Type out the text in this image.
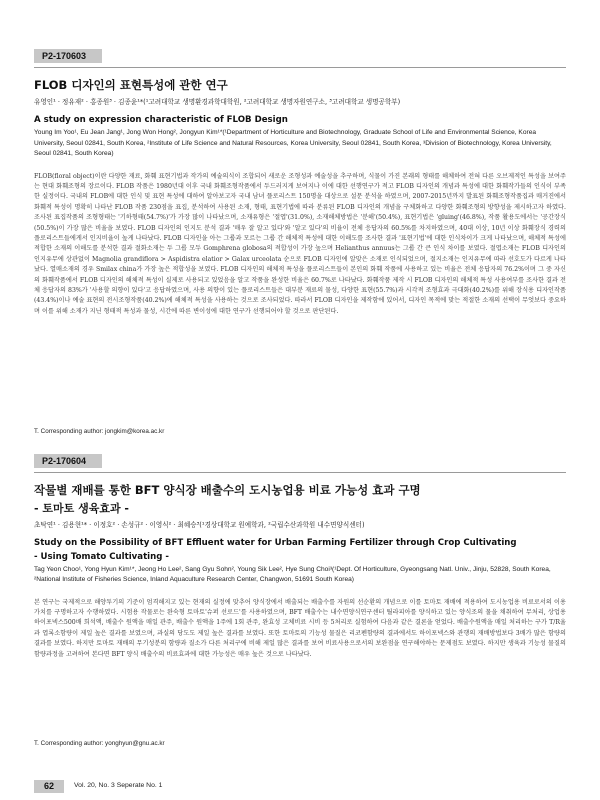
P2-170603
FLOB 디자인의 표현특성에 관한 연구
유영인¹ · 정유재² · 홍종원³ · 김종윤¹*(¹고려대학교 생명환경과학대학원, ²고려대학교 생명자원연구소, ³고려대학교 생명공학부)
A study on expression characteristic of FLOB Design
Young Im Yoo¹, Eu Jean Jang¹, Jong Won Hong², Jongyun Kim¹*(¹Department of Horticulture and Biotechnology, Graduate School of Life and Environmental Science, Korea University, Seoul 02841, South Korea, ²Institute of Life Science and Natural Resources, Korea University, Seoul 02841, South Korea, ³Division of Biotechnology, Korea University, Seoul 02841, South Korea)
FLOB(floral object)이란 다양한 재료, 화훼 표현기법과 작가의 예술의식이 조합되어 새로운 조형성과 예술성을 추구하며, 식물이 가진 본래의 형태를 해체하여 전혀 다른 오브제적인 특성을 보여주는 현대 화훼조형의 장르이다. FLOB 작품은 1980년대 이후 국내 화훼조형작품에서 두드러지게 보여지나 이에 대한 선행연구가 적고 FLOB 디자인의 개념과 특성에 대한 화훼작가들의 인식이 부족한 실정이다. 국내의 FLOB에 대한 인식 및 표현 특성에 대하여 알아보고자 국내 남녀 플로리스트 150명을 대상으로 설문 분석을 하였으며, 2007-2015년까지 발표된 화훼조형작품집과 매거진에서 화훼적 특성이 명확히 나타난 FLOB 작품 230점을 표집, 분석하여 사용된 소재, 형태, 표현기법에 따라 분류된 FLOB 디자인의 개념을 구체화하고 다양한 화훼조형의 방향성을 제시하고자 하였다. 조사된 표집작품의 조형형태는 '기하형태(54.7%)'가 가장 많이 나타났으며, 소재유형은 '절엽'(31.0%), 소재해체방법은 '분해'(50.4%), 표현기법은 'gluing'(46.8%), 작품 활용도에서는 '공간장식(50.5%)이 가장 많은 비율을 보였다. FLOB 디자인의 인지도 분석 결과 '매우 잘 알고 있다'와 '알고 있다'의 비율이 전체 응답자의 60.5%를 차지하였으며, 40대 이상, 10년 이상 화훼장식 경력의 플로리스트들에게서 인지비율이 높게 나타났다. FLOB 디자인을 아는 그룹과 모르는 그룹 간 해체적 특성에 대한 이해도를 조사한 결과 '표현기법'에 대한 인식차이가 크게 나타났으며, 해체적 특성에 적합한 소재의 이해도를 분석한 결과 절화소재는 두 그룹 모두 Gomphrena globosa의 적합성이 가장 높으며 Helianthus annuus는 그룹 간 큰 인식 차이를 보였다. 절엽소재는 FLOB 디자인의 인지유무에 상관없이 Magnolia grandiflora > Aspidistra elatior > Galax urceolata 순으로 FLOB 디자인에 알맞은 소재로 인식되었으며, 절지소재는 인지유무에 따라 선호도가 다르게 나타났다. 열매소재의 경우 Smilax china가 가장 높은 적합성을 보였다. FLOB 디자인의 해체적 특성을 플로리스트들이 본인의 화훼 작품에 사용하고 있는 비율은 전체 응답자의 76.2%이며 그 중 자신의 화훼작품에서 FLOB 디자인의 해체적 특성이 실제로 사용되고 있었음을 알고 작품을 완성한 비율은 60.7%로 나타났다. 화훼작품 제작 시 FLOB 디자인의 해체적 특성 사용여부를 조사한 결과 전체 응답자의 83%가 '사용할 의향이 있다'고 응답하였으며, 사용 의향이 있는 플로리스트들은 대부분 재료의 물성, 다양한 표현(55.7%)과 시각적 조형효과 극대화(40.2%)를 위해 장식용 디자인작품(43.4%)이나 예술 표현의 전시조형작품(40.2%)에 해체적 특성을 사용하는 것으로 조사되었다. 따라서 FLOB 디자인을 제작함에 있어서, 디자인 목적에 맞는 적절한 소재의 선택이 무엇보다 중요하며 이를 위해 소재가 지닌 형태적 특성과 물성, 시간에 따른 변이성에 대한 연구가 선행되어야 할 것으로 판단된다.
T. Corresponding author: jongkim@korea.ac.kr
P2-170604
작물별 재배를 통한 BFT 양식장 배출수의 도시농업용 비료 가능성 효과 구명
- 토마토 생육효과 -
초탁연¹ · 김용현¹* · 이정호² · 손성규² · 이영식² · 최혜승³(¹경상대학교 원예학과, ²국립수산과학원 내수면양식센터)
Study on the Possibility of BFT Effluent water for Urban Farming Fertilizer through Crop Cultivating
- Using Tomato Cultivating -
Tag Yeon Choo¹, Yong Hyun Kim¹*, Jeong Ho Lee², Sang Gyu Sohn², Young Sik Lee², Hye Sung Choi³(¹Dept. Of Horticulture, Gyeongsang Natl. Univ., Jinju, 52828, South Korea, ²National Institute of Fisheries Science, Inland Aquaculture Research Center, Changwon, 51691 South Korea)
본 연구는 국제적으로 해양투기의 기준이 엄격해지고 있는 현재의 실정에 맞추어 양식장에서 배출되는 배출수를 자원의 선순환의 개념으로 이를 토마토 재배에 적용하여 도시농업용 비료로서의 이용가치를 구명하고자 수행하였다. 시험용 작물로는 완숙형 토마토'슈퍼 선로드'를 사용하였으며, BFT 배출수는 내수면양식연구센터 틸라피아를 양식하고 있는 양식조의 물을 채취하여 무처리, 상업용 하이포넥스500배 희석액, 배출수 원액을 매일 관주, 배출수 원액을 1주에 1회 관주, 완효성 고체비료 시비 등 5처리로 실험하여 다음과 같은 결론을 얻었다. 배출수원액을 매일 처리하는 구가 T/R율과 엽록소함량이 제일 높은 결과를 보였으며, 과실의 당도도 제일 높은 결과를 보였다. 또한 토마토의 기능성 물질은 리코펜함량의 결과에서도 하이포넥스와 관행의 재배방법보다 3배가 많은 함량의 결과를 보였다. 하지만 토마토 재배의 무기성분의 함량과 질소가 다른 처리구에 비해 제일 많은 결과를 보여 비료사용으로서의 보완점을 연구해야하는 문제점도 보였다. 하지만 생육과 기능성 물질의 함량과정을 고려하여 본다면 BFT 양식 배출수의 비료효과에 대한 가능성은 매우 높은 것으로 나타났다.
T. Corresponding author: yonghyun@gnu.ac.kr
62	Vol. 20, No. 3 Seperate No. 1
